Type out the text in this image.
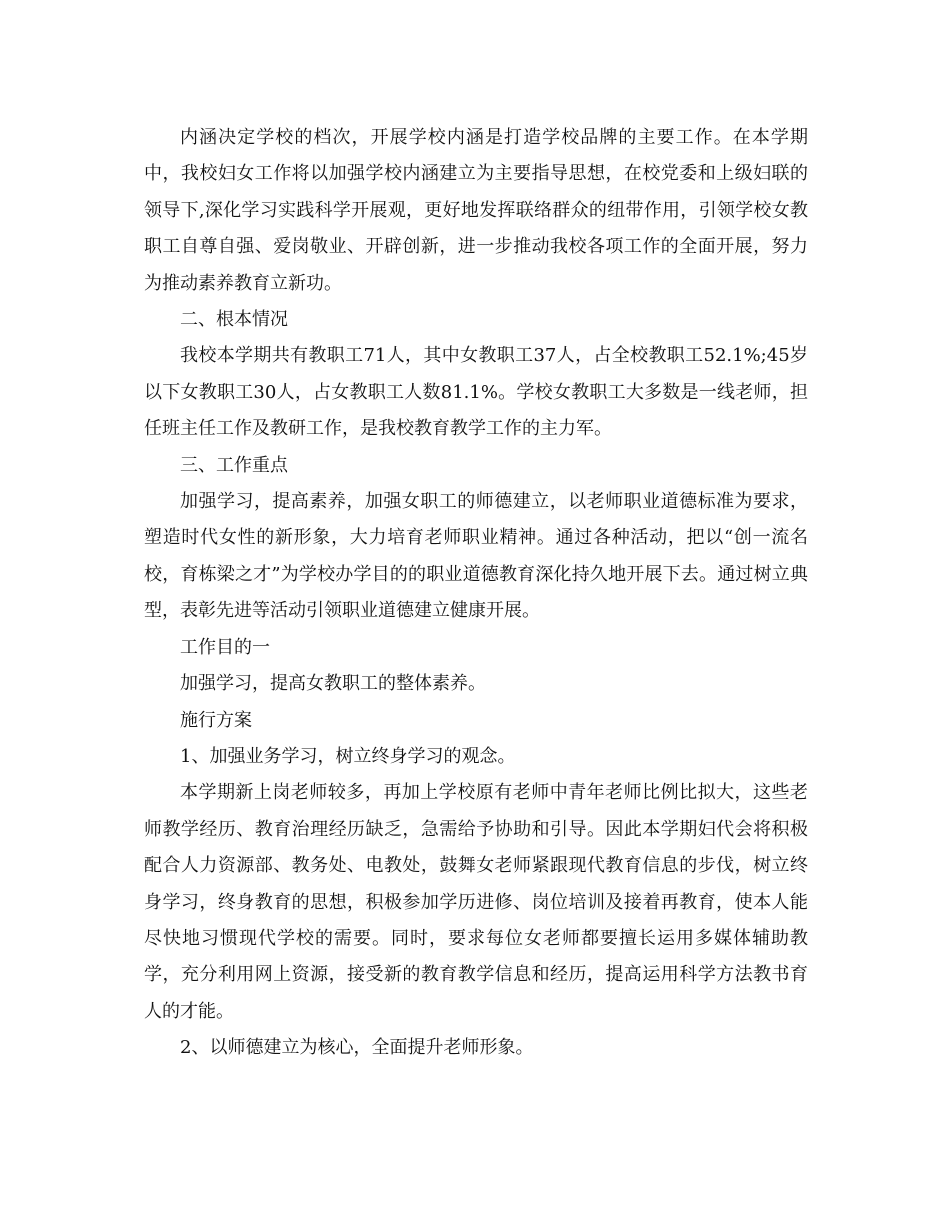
内涵决定学校的档次，开展学校内涵是打造学校品牌的主要工作。在本学期中，我校妇女工作将以加强学校内涵建立为主要指导思想，在校党委和上级妇联的领导下,深化学习实践科学开展观，更好地发挥联络群众的纽带作用，引领学校女教职工自尊自强、爱岗敬业、开辟创新，进一步推动我校各项工作的全面开展，努力为推动素养教育立新功。

二、根本情况

我校本学期共有教职工71人，其中女教职工37人，占全校教职工52.1%;45岁以下女教职工30人，占女教职工人数81.1%。学校女教职工大多数是一线老师，担任班主任工作及教研工作，是我校教育教学工作的主力军。

三、工作重点

加强学习，提高素养，加强女职工的师德建立，以老师职业道德标准为要求，塑造时代女性的新形象，大力培育老师职业精神。通过各种活动，把以“创一流名校，育栋梁之才”为学校办学目的的职业道德教育深化持久地开展下去。通过树立典型，表彰先进等活动引领职业道德建立健康开展。

工作目的一

加强学习，提高女教职工的整体素养。

施行方案

1、加强业务学习，树立终身学习的观念。

本学期新上岗老师较多，再加上学校原有老师中青年老师比例比拟大，这些老师教学经历、教育治理经历缺乏，急需给予协助和引导。因此本学期妇代会将积极配合人力资源部、教务处、电教处，鼓舞女老师紧跟现代教育信息的步伐，树立终身学习，终身教育的思想，积极参加学历进修、岗位培训及接着再教育，使本人能尽快地习惯现代学校的需要。同时，要求每位女老师都要擅长运用多媒体辅助教学，充分利用网上资源，接受新的教育教学信息和经历，提高运用科学方法教书育人的才能。

2、以师德建立为核心，全面提升老师形象。
